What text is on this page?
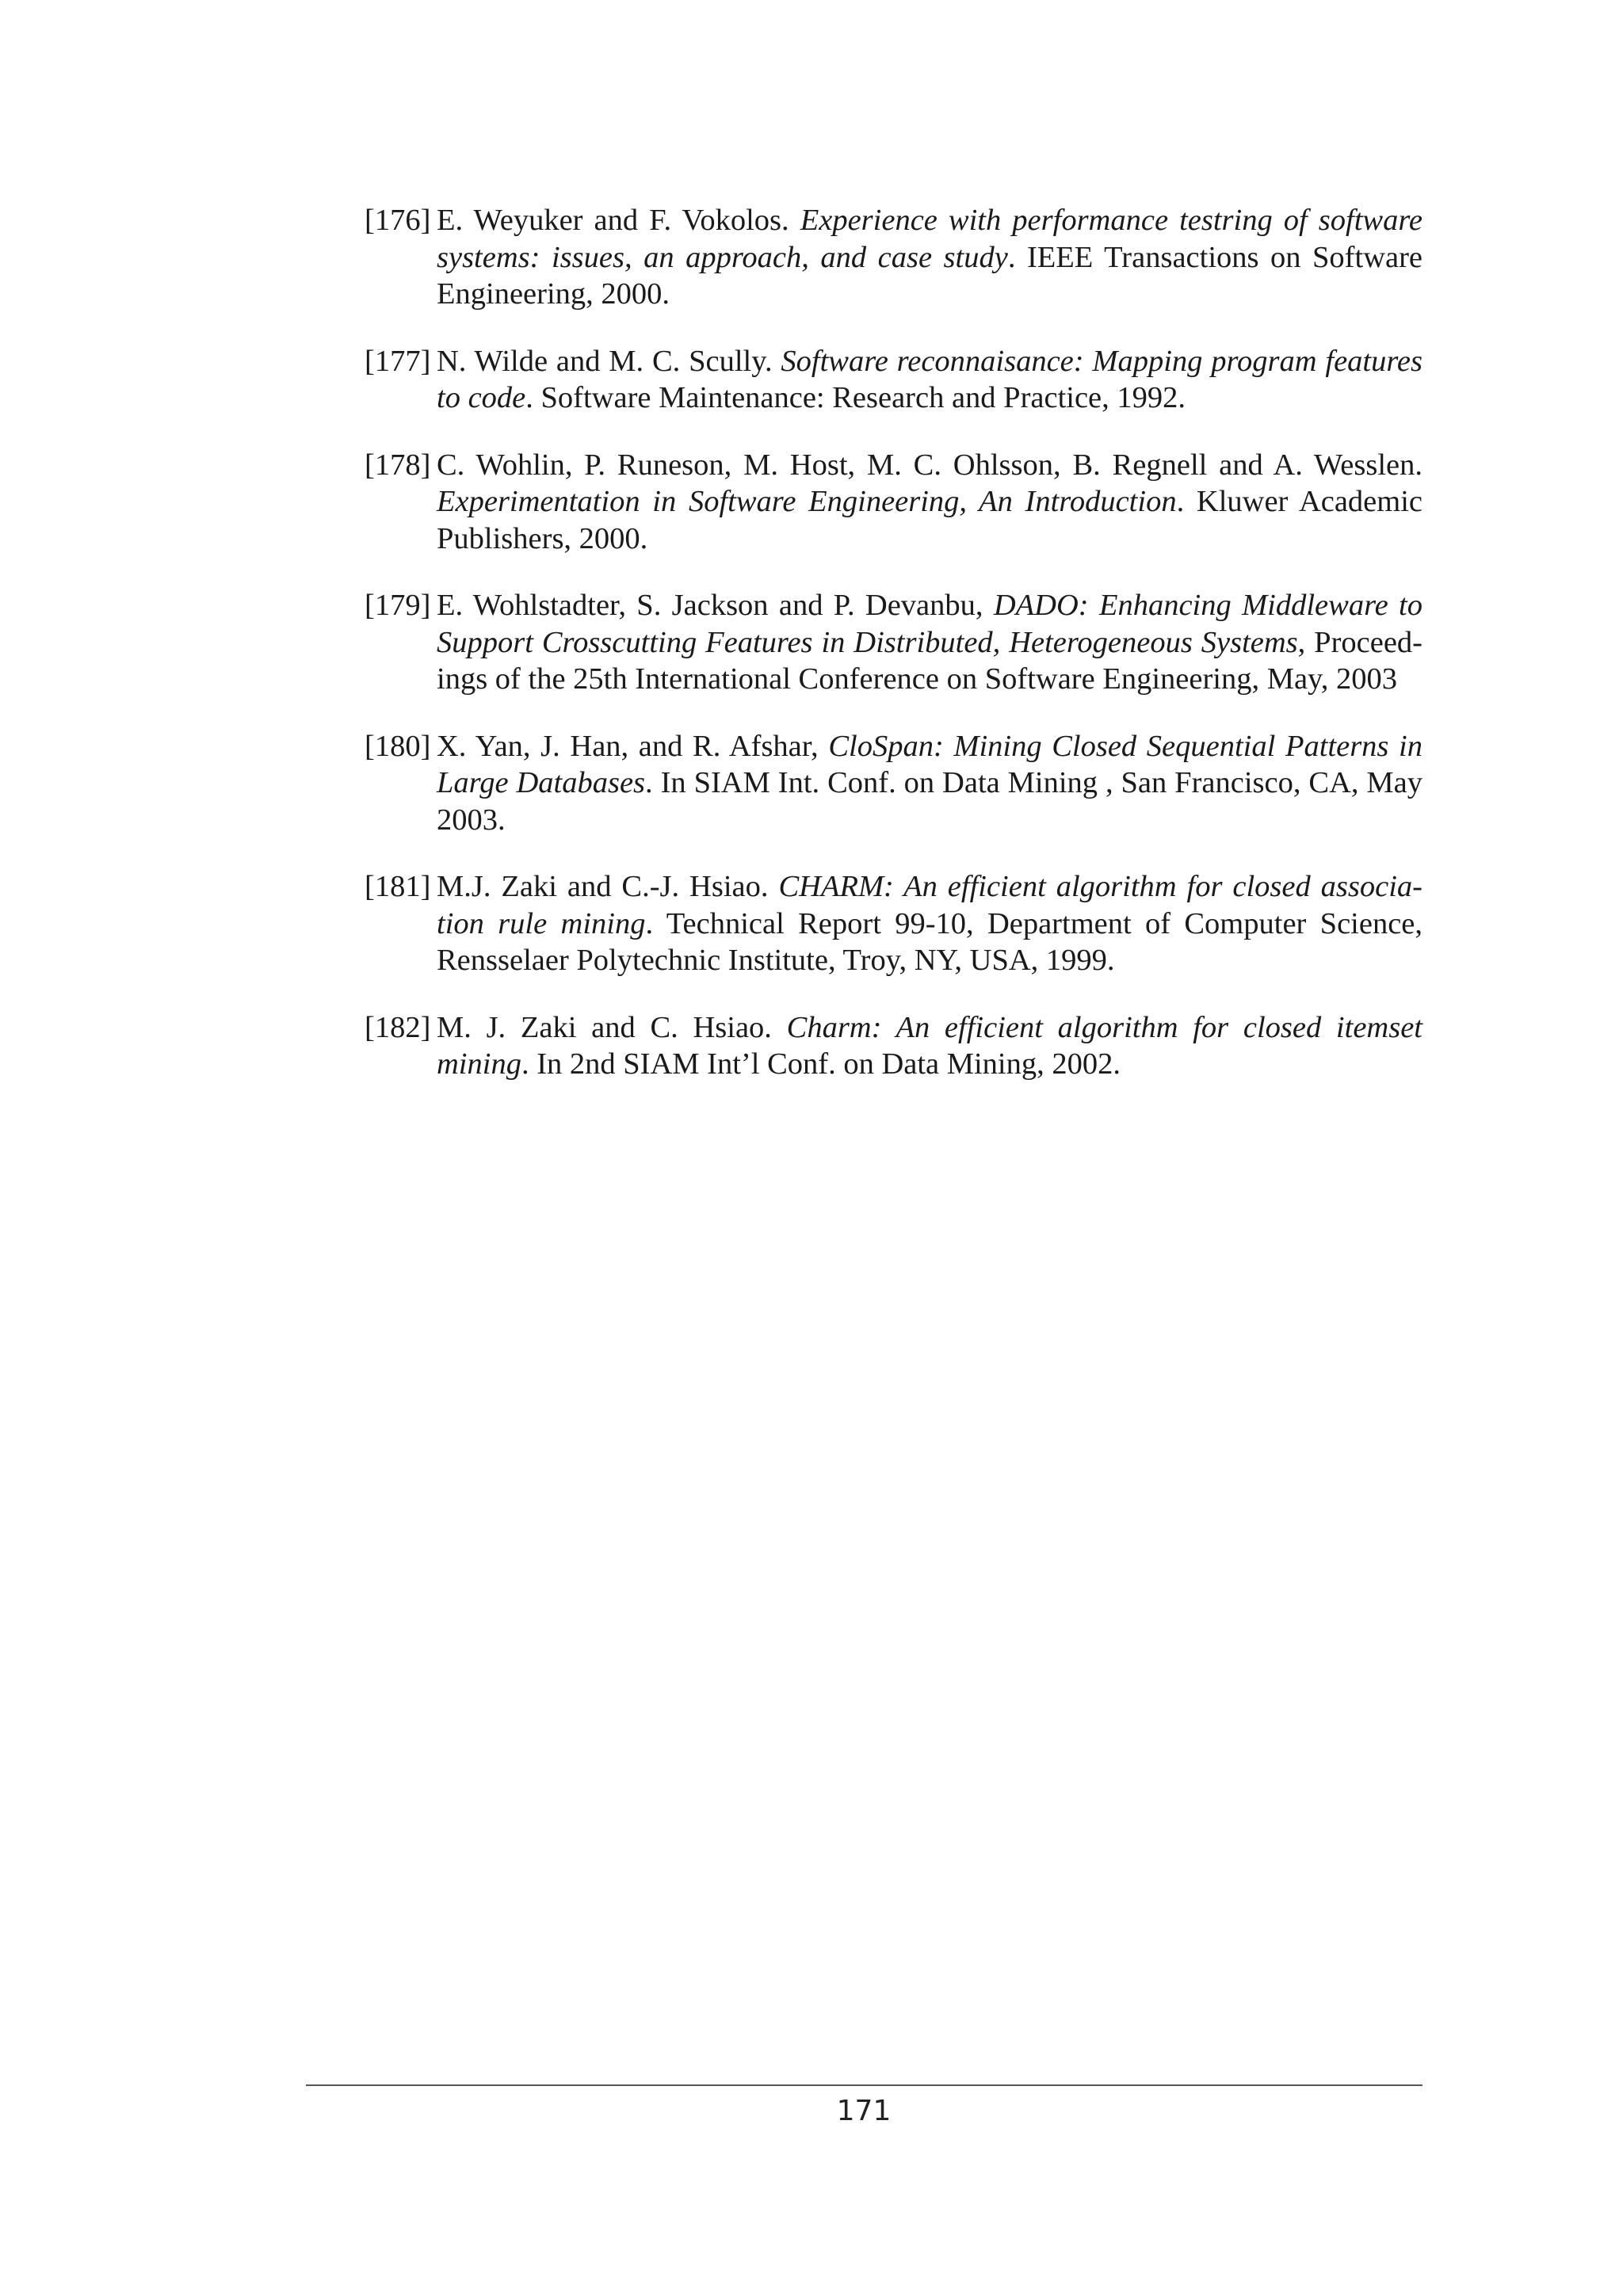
[176] E. Weyuker and F. Vokolos. Experience with performance testring of software systems: issues, an approach, and case study. IEEE Transactions on Software Engineering, 2000.
[177] N. Wilde and M. C. Scully. Software reconnaisance: Mapping program features to code. Software Maintenance: Research and Practice, 1992.
[178] C. Wohlin, P. Runeson, M. Host, M. C. Ohlsson, B. Regnell and A. Wesslen. Experimentation in Software Engineering, An Introduction. Kluwer Academic Publishers, 2000.
[179] E. Wohlstadter, S. Jackson and P. Devanbu, DADO: Enhancing Middleware to Support Crosscutting Features in Distributed, Heterogeneous Systems, Proceedings of the 25th International Conference on Software Engineering, May, 2003
[180] X. Yan, J. Han, and R. Afshar, CloSpan: Mining Closed Sequential Patterns in Large Databases. In SIAM Int. Conf. on Data Mining , San Francisco, CA, May 2003.
[181] M.J. Zaki and C.-J. Hsiao. CHARM: An efficient algorithm for closed association rule mining. Technical Report 99-10, Department of Computer Science, Rensselaer Polytechnic Institute, Troy, NY, USA, 1999.
[182] M. J. Zaki and C. Hsiao. Charm: An efficient algorithm for closed itemset mining. In 2nd SIAM Int’l Conf. on Data Mining, 2002.
171
